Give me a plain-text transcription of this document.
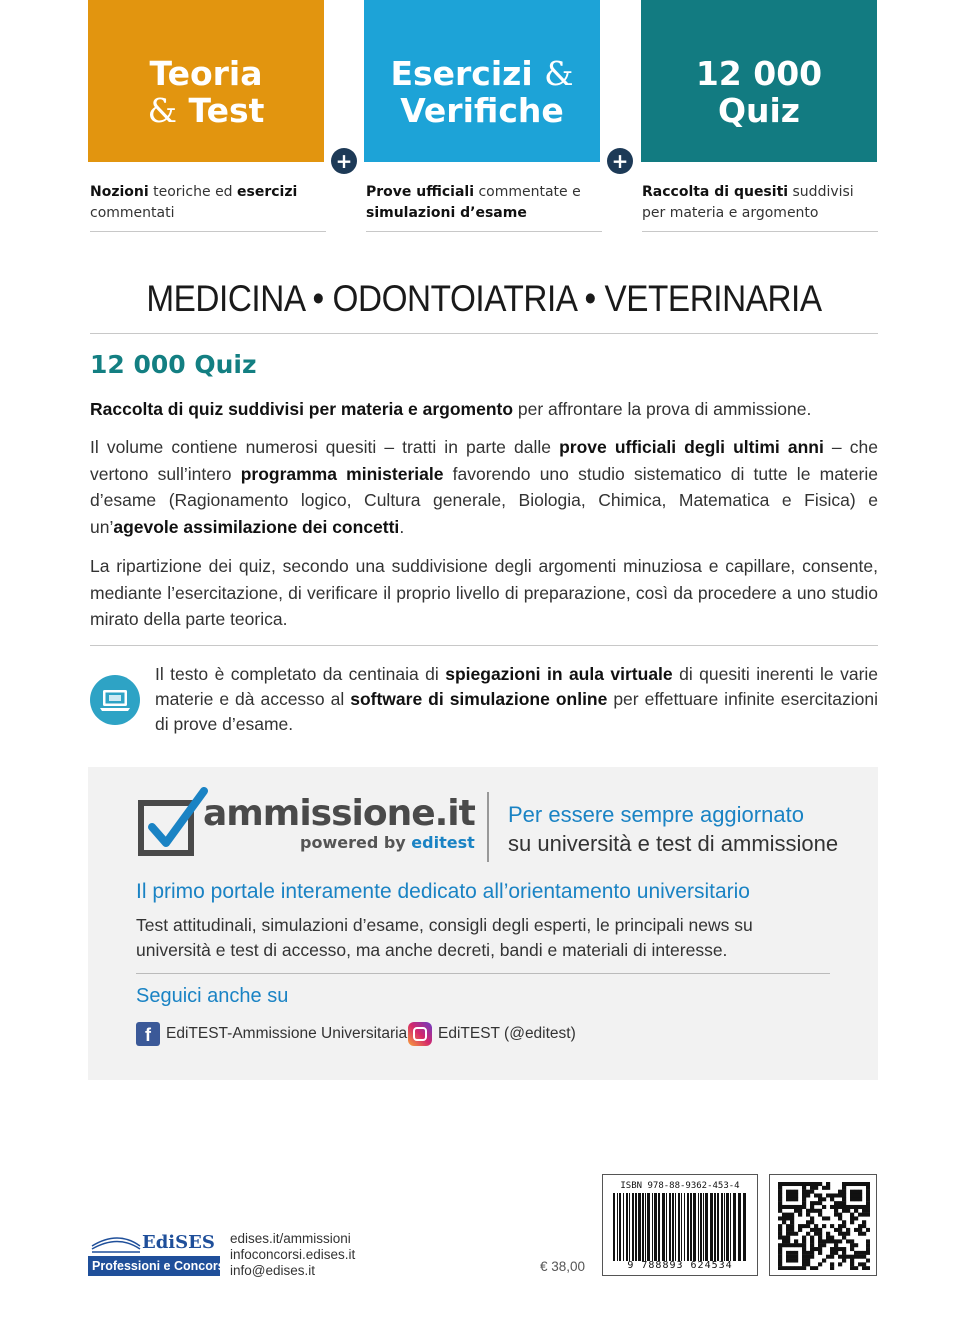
Teoria
& Test
+
Esercizi &
Verifiche
+
12 000
Quiz
Nozioni teoriche ed esercizi commentati
Prove ufficiali commentate e simulazioni d’esame
Raccolta di quesiti suddivisi per materia e argomento
MEDICINA • ODONTOIATRIA • VETERINARIA
12 000 Quiz
Raccolta di quiz suddivisi per materia e argomento per affrontare la prova di ammissione.
Il volume contiene numerosi quesiti – tratti in parte dalle prove ufficiali degli ultimi anni – che vertono sull’intero programma ministeriale favorendo uno studio sistematico di tutte le materie d’esame (Ragionamento logico, Cultura generale, Biologia, Chimica, Matematica e Fisica) e un’agevole assimilazione dei concetti.
La ripartizione dei quiz, secondo una suddivisione degli argomenti minuziosa e capillare, consente, mediante l’esercitazione, di verificare il proprio livello di preparazione, così da procedere a uno studio mirato della parte teorica.
Il testo è completato da centinaia di spiegazioni in aula virtuale di quesiti inerenti le varie materie e dà accesso al software di simulazione online per effettuare infinite esercitazioni di prove d’esame.
ammissione.it
powered by editest
Per essere sempre aggiornato
su università e test di ammissione
Il primo portale interamente dedicato all’orientamento universitario
Test attitudinali, simulazioni d’esame, consigli degli esperti, le principali news su università e test di accesso, ma anche decreti, bandi e materiali di interesse.
Seguici anche su
f EdiTEST-Ammissione Universitaria EdiTEST (@editest)
EdiSES
Professioni e Concorsi
edises.it/ammissioni
infoconcorsi.edises.it
info@edises.it	€ 38,00
ISBN 978-88-9362-453-4
9 788893 624534
